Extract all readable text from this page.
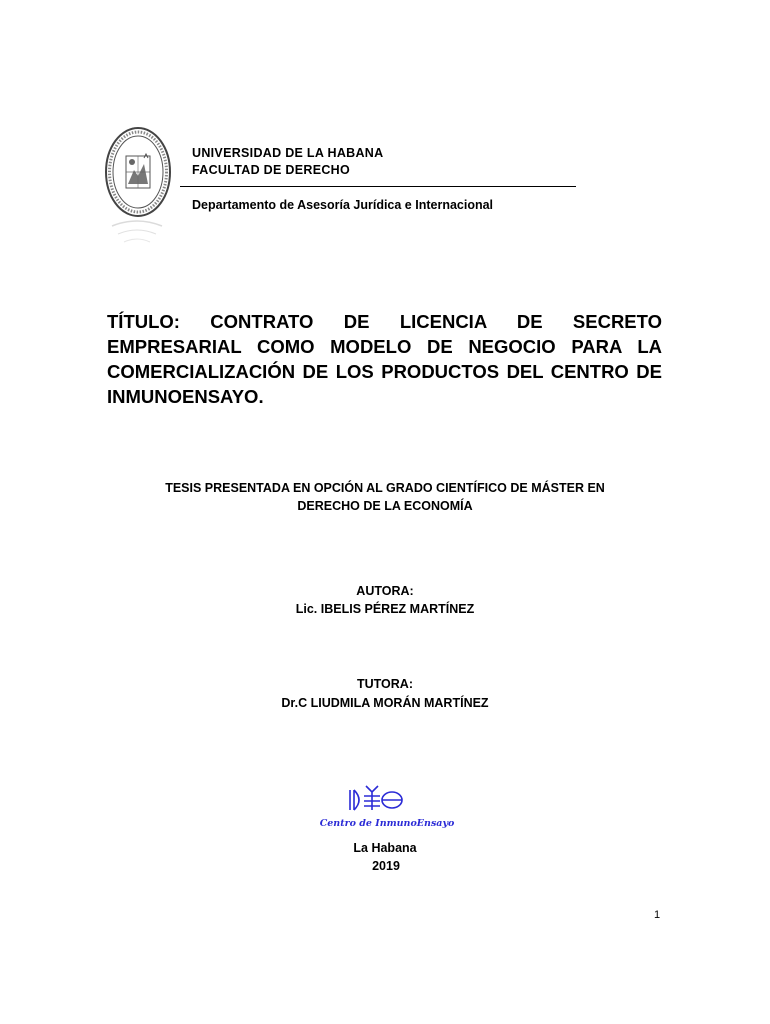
UNIVERSIDAD DE LA HABANA
FACULTAD DE DERECHO
Departamento de Asesoría Jurídica e Internacional

TÍTULO: CONTRATO DE LICENCIA DE SECRETO EMPRESARIAL COMO MODELO DE NEGOCIO PARA LA COMERCIALIZACIÓN DE LOS PRODUCTOS DEL CENTRO DE INMUNOENSAYO.

TESIS PRESENTADA EN OPCIÓN AL GRADO CIENTÍFICO DE MÁSTER EN
DERECHO DE LA ECONOMÍA
AUTORA:
Lic. IBELIS PÉREZ MARTÍNEZ
TUTORA:
Dr.C LIUDMILA MORÁN MARTÍNEZ
Centro de InmunoEnsayo
La Habana
2019
1
